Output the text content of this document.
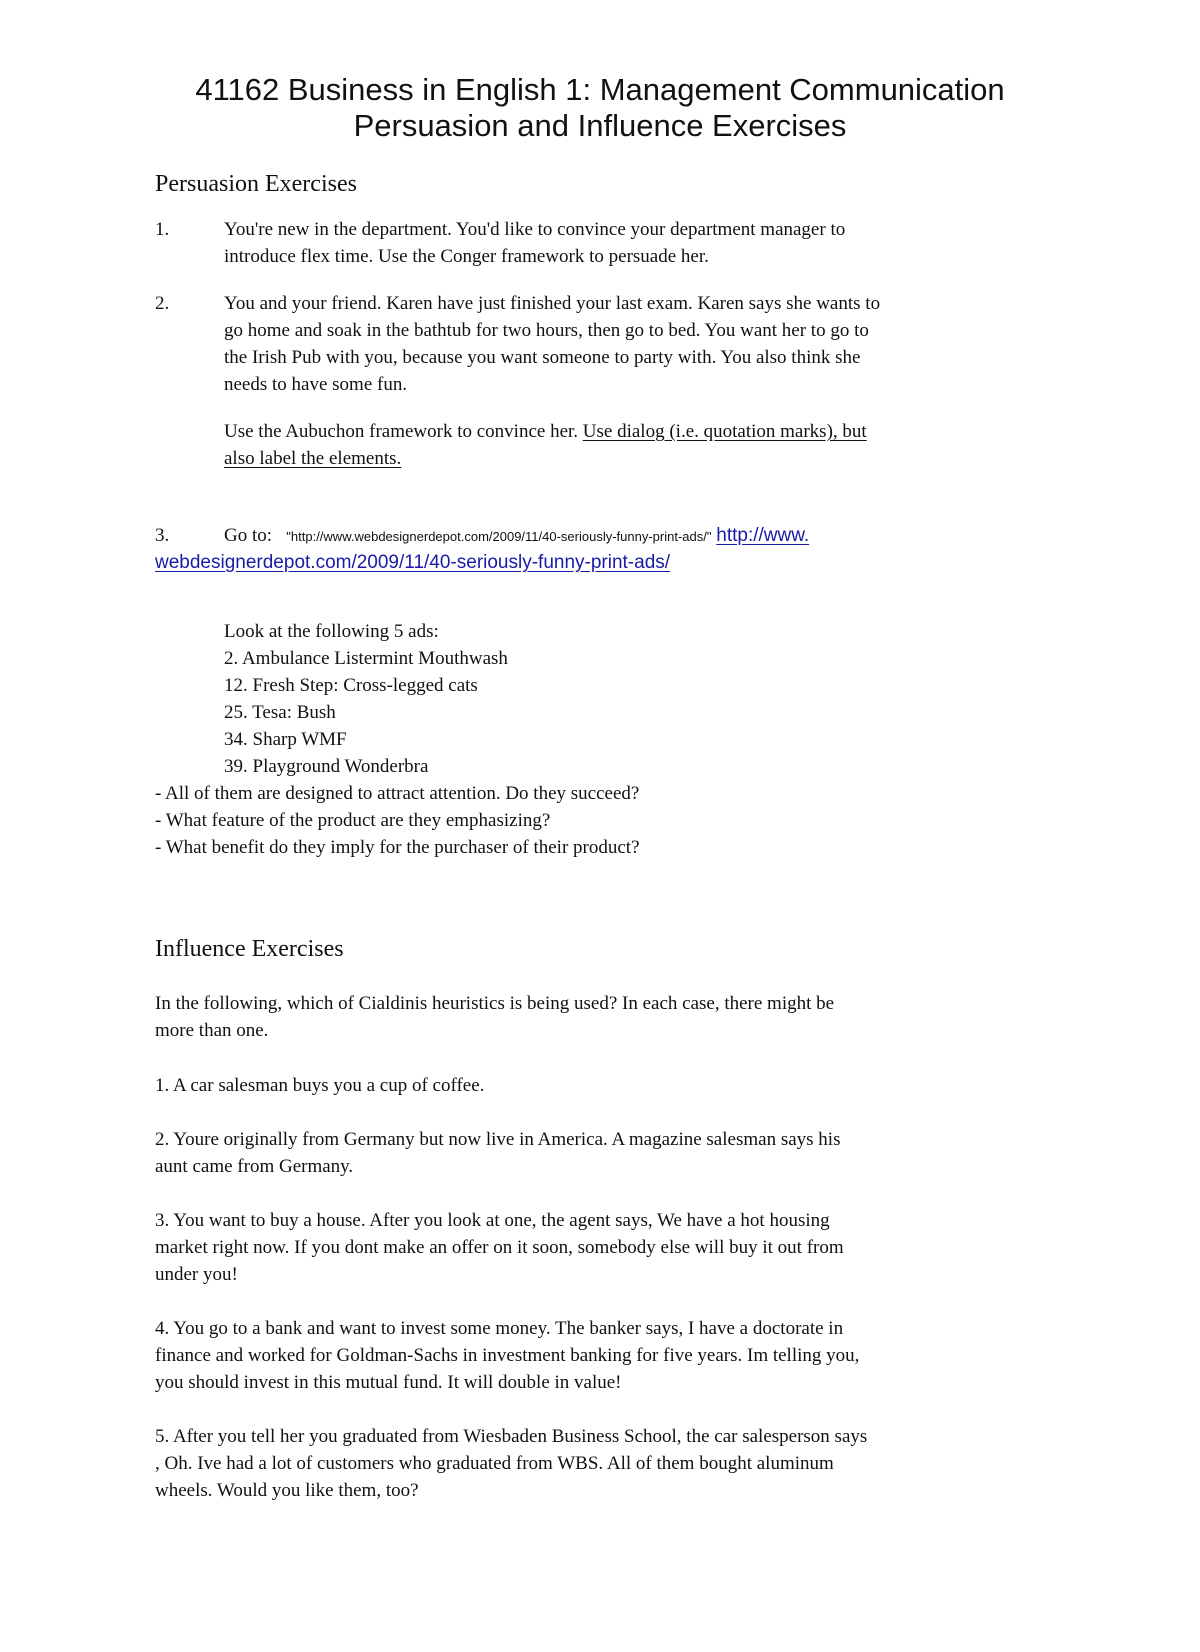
41162 Business in English 1: Management Communication
Persuasion and Influence Exercises
Persuasion Exercises
1.	You're new in the department. You'd like to convince your department manager to
introduce flex time. Use the Conger framework to persuade her.
2.	You and your friend. Karen have just finished your last exam. Karen says she wants to
go home and soak in the bathtub for two hours, then go to bed. You want her to go to
the Irish Pub with you, because you want someone to party with. You also think she
needs to have some fun.
Use the Aubuchon framework to convince her. Use dialog (i.e. quotation marks), but
also label the elements.
3.	Go to: "http://www.webdesignerdepot.com/2009/11/40-seriously-funny-print-ads/" http://www.
webdesignerdepot.com/2009/11/40-seriously-funny-print-ads/
Look at the following 5 ads:
2. Ambulance Listermint Mouthwash
12. Fresh Step: Cross-legged cats
25. Tesa: Bush
34. Sharp WMF
39. Playground Wonderbra
- All of them are designed to attract attention. Do they succeed?
- What feature of the product are they emphasizing?
- What benefit do they imply for the purchaser of their product?
Influence Exercises
In the following, which of Cialdinis heuristics is being used? In each case, there might be
more than one.
1. A car salesman buys you a cup of coffee.
2. Youre originally from Germany but now live in America. A magazine salesman says his
aunt came from Germany.
3. You want to buy a house. After you look at one, the agent says, We have a hot housing
market right now. If you dont make an offer on it soon, somebody else will buy it out from
under you!
4. You go to a bank and want to invest some money. The banker says, I have a doctorate in
finance and worked for Goldman-Sachs in investment banking for five years. Im telling you,
you should invest in this mutual fund. It will double in value!
5. After you tell her you graduated from Wiesbaden Business School, the car salesperson says
, Oh. Ive had a lot of customers who graduated from WBS. All of them bought aluminum
wheels. Would you like them, too?
